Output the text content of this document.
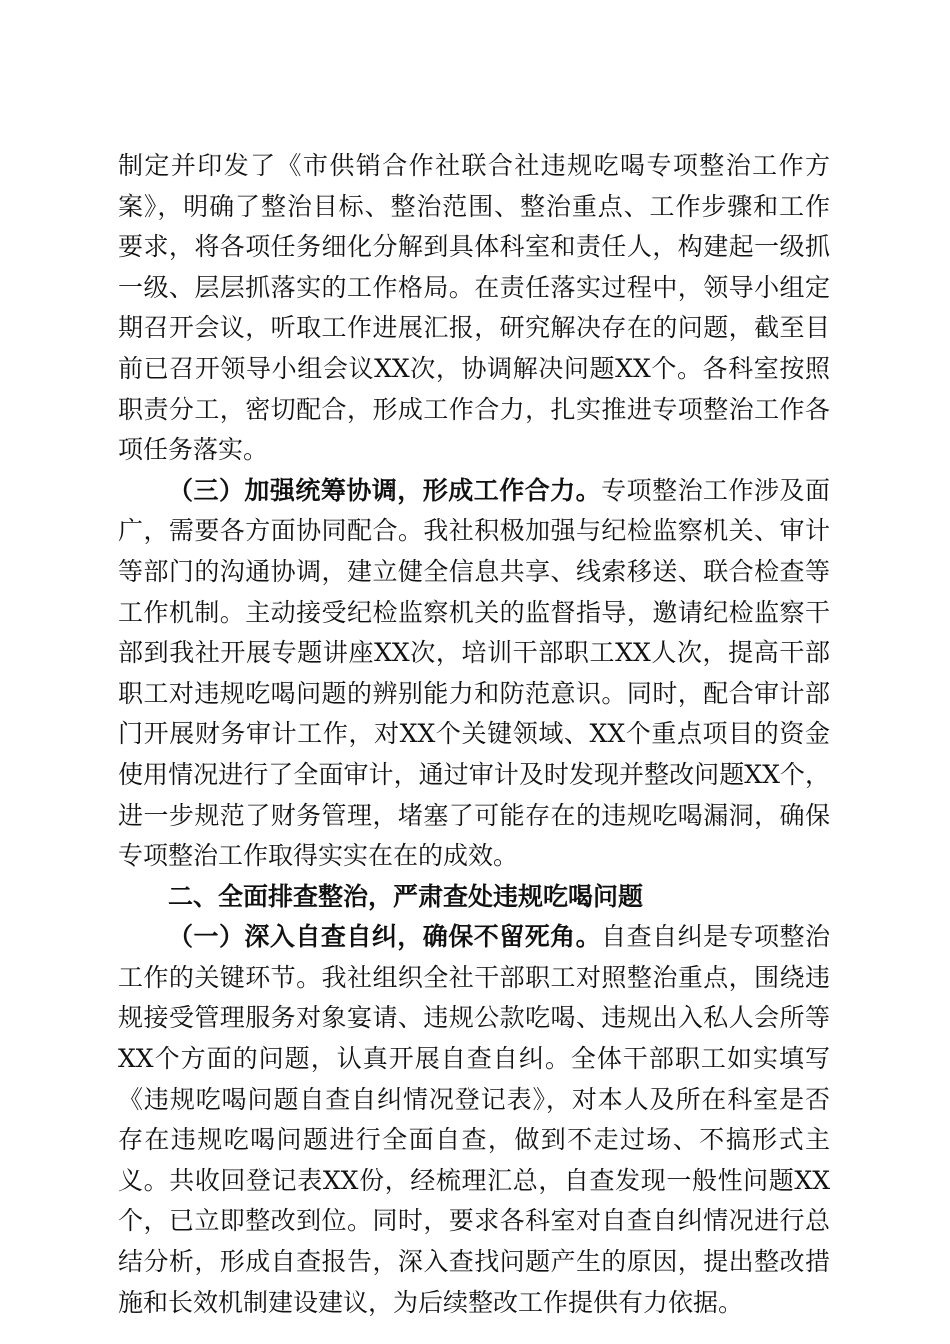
制定并印发了《市供销合作社联合社违规吃喝专项整治工作方案》，明确了整治目标、整治范围、整治重点、工作步骤和工作要求，将各项任务细化分解到具体科室和责任人，构建起一级抓一级、层层抓落实的工作格局。在责任落实过程中，领导小组定期召开会议，听取工作进展汇报，研究解决存在的问题，截至目前已召开领导小组会议XX次，协调解决问题XX个。各科室按照职责分工，密切配合，形成工作合力，扎实推进专项整治工作各项任务落实。

（三）加强统筹协调，形成工作合力。专项整治工作涉及面广，需要各方面协同配合。我社积极加强与纪检监察机关、审计等部门的沟通协调，建立健全信息共享、线索移送、联合检查等工作机制。主动接受纪检监察机关的监督指导，邀请纪检监察干部到我社开展专题讲座XX次，培训干部职工XX人次，提高干部职工对违规吃喝问题的辨别能力和防范意识。同时，配合审计部门开展财务审计工作，对XX个关键领域、XX个重点项目的资金使用情况进行了全面审计，通过审计及时发现并整改问题XX个，进一步规范了财务管理，堵塞了可能存在的违规吃喝漏洞，确保专项整治工作取得实实在在的成效。

二、全面排查整治，严肃查处违规吃喝问题

（一）深入自查自纠，确保不留死角。自查自纠是专项整治工作的关键环节。我社组织全社干部职工对照整治重点，围绕违规接受管理服务对象宴请、违规公款吃喝、违规出入私人会所等XX个方面的问题，认真开展自查自纠。全体干部职工如实填写《违规吃喝问题自查自纠情况登记表》，对本人及所在科室是否存在违规吃喝问题进行全面自查，做到不走过场、不搞形式主义。共收回登记表XX份，经梳理汇总，自查发现一般性问题XX个，已立即整改到位。同时，要求各科室对自查自纠情况进行总结分析，形成自查报告，深入查找问题产生的原因，提出整改措施和长效机制建设建议，为后续整改工作提供有力依据。
